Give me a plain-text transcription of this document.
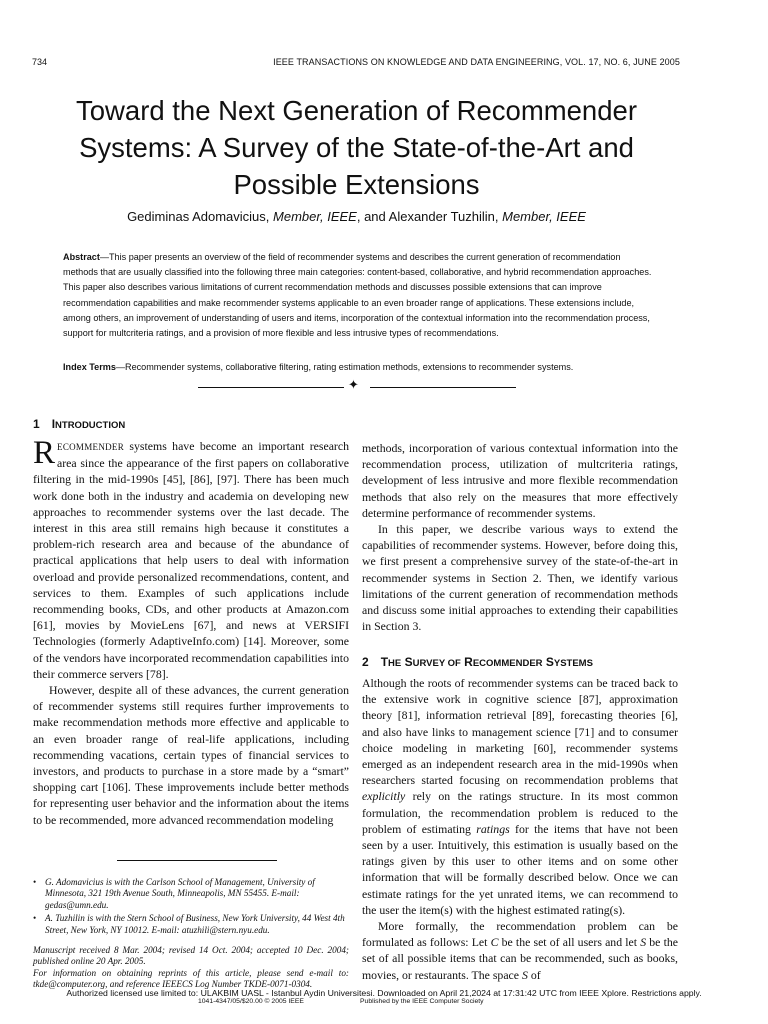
734	IEEE TRANSACTIONS ON KNOWLEDGE AND DATA ENGINEERING, VOL. 17, NO. 6, JUNE 2005
Toward the Next Generation of Recommender
Systems: A Survey of the State-of-the-Art and
Possible Extensions
Gediminas Adomavicius, Member, IEEE, and Alexander Tuzhilin, Member, IEEE
Abstract—This paper presents an overview of the field of recommender systems and describes the current generation of recommendation methods that are usually classified into the following three main categories: content-based, collaborative, and hybrid recommendation approaches. This paper also describes various limitations of current recommendation methods and discusses possible extensions that can improve recommendation capabilities and make recommender systems applicable to an even broader range of applications. These extensions include, among others, an improvement of understanding of users and items, incorporation of the contextual information into the recommendation process, support for multcriteria ratings, and a provision of more flexible and less intrusive types of recommendations.
Index Terms—Recommender systems, collaborative filtering, rating estimation methods, extensions to recommender systems.
✦
1 INTRODUCTION

RECOMMENDER systems have become an important research area since the appearance of the first papers on collaborative filtering in the mid-1990s [45], [86], [97]. There has been much work done both in the industry and academia on developing new approaches to recommender systems over the last decade. The interest in this area still remains high because it constitutes a problem-rich research area and because of the abundance of practical applications that help users to deal with information overload and provide personalized recommendations, content, and services to them. Examples of such applications include recommending books, CDs, and other products at Amazon.com [61], movies by MovieLens [67], and news at VERSIFI Technologies (formerly AdaptiveInfo.com) [14]. Moreover, some of the vendors have incorporated recommendation capabilities into their commerce servers [78].

However, despite all of these advances, the current generation of recommender systems still requires further improvements to make recommendation methods more effective and applicable to an even broader range of real-life applications, including recommending vacations, certain types of financial services to investors, and products to purchase in a store made by a “smart” shopping cart [106]. These improvements include better methods for representing user behavior and the information about the items to be recommended, more advanced recommendation modeling

methods, incorporation of various contextual information into the recommendation process, utilization of multcriteria ratings, development of less intrusive and more flexible recommendation methods that also rely on the measures that more effectively determine performance of recommender systems.

In this paper, we describe various ways to extend the capabilities of recommender systems. However, before doing this, we first present a comprehensive survey of the state-of-the-art in recommender systems in Section 2. Then, we identify various limitations of the current generation of recommendation methods and discuss some initial approaches to extending their capabilities in Section 3.

2 THE SURVEY OF RECOMMENDER SYSTEMS

Although the roots of recommender systems can be traced back to the extensive work in cognitive science [87], approximation theory [81], information retrieval [89], forecasting theories [6], and also have links to management science [71] and to consumer choice modeling in marketing [60], recommender systems emerged as an independent research area in the mid-1990s when researchers started focusing on recommendation problems that explicitly rely on the ratings structure. In its most common formulation, the recommendation problem is reduced to the problem of estimating ratings for the items that have not been seen by a user. Intuitively, this estimation is usually based on the ratings given by this user to other items and on some other information that will be formally described below. Once we can estimate ratings for the yet unrated items, we can recommend to the user the item(s) with the highest estimated rating(s).

More formally, the recommendation problem can be formulated as follows: Let C be the set of all users and let S be the set of all possible items that can be recommended, such as books, movies, or restaurants. The space S of

• G. Adomavicius is with the Carlson School of Management, University of Minnesota, 321 19th Avenue South, Minneapolis, MN 55455. E-mail: gedas@umn.edu.
• A. Tuzhilin is with the Stern School of Business, New York University, 44 West 4th Street, New York, NY 10012. E-mail: atuzhili@stern.nyu.edu.
Manuscript received 8 Mar. 2004; revised 14 Oct. 2004; accepted 10 Dec. 2004; published online 20 Apr. 2005.
For information on obtaining reprints of this article, please send e-mail to: tkde@computer.org, and reference IEEECS Log Number TKDE-0071-0304.
Authorized licensed use limited to: ULAKBIM UASL - Istanbul Aydin Universitesi. Downloaded on April 21,2024 at 17:31:42 UTC from IEEE Xplore. Restrictions apply.
1041-4347/05/$20.00 © 2005 IEEE	Published by the IEEE Computer Society
